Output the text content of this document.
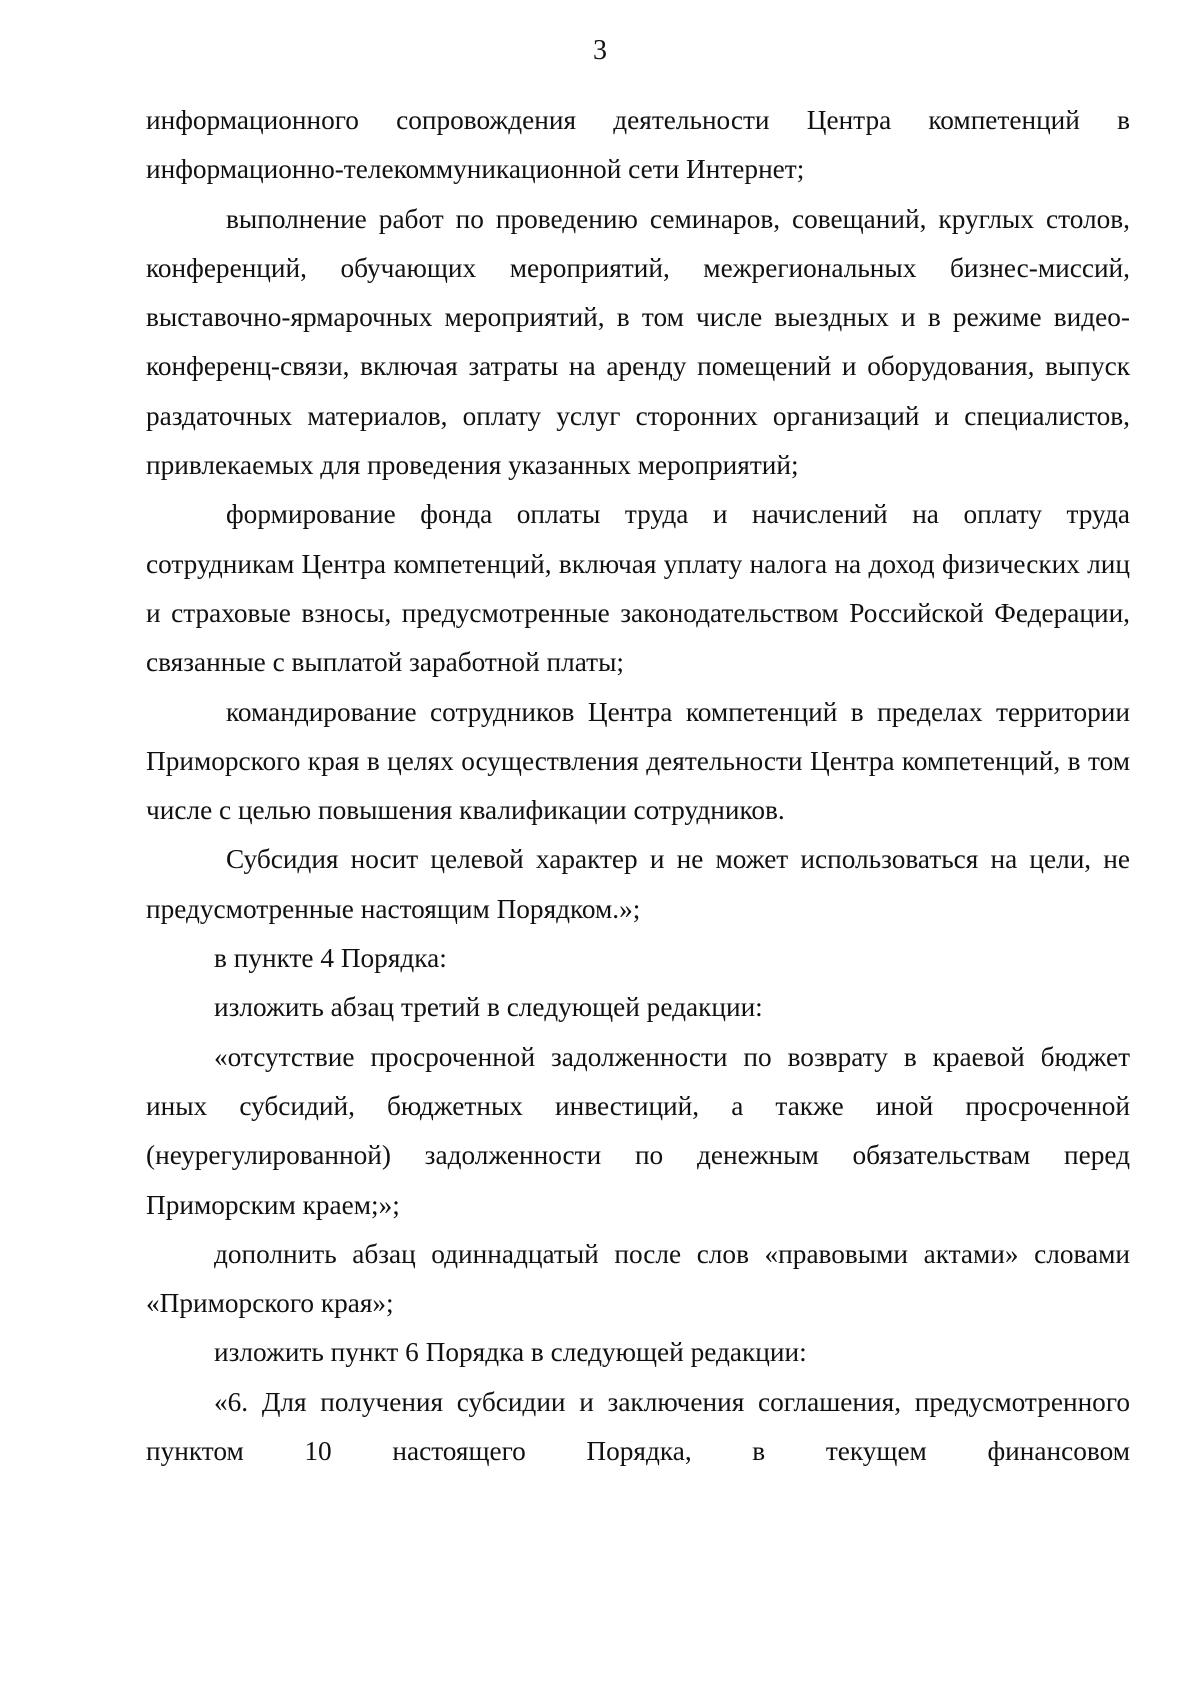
3

информационного сопровождения деятельности Центра компетенций в информационно-телекоммуникационной сети Интернет;

выполнение работ по проведению семинаров, совещаний, круглых столов, конференций, обучающих мероприятий, межрегиональных бизнес-миссий, выставочно-ярмарочных мероприятий, в том числе выездных и в режиме видео-конференц-связи, включая затраты на аренду помещений и оборудования, выпуск раздаточных материалов, оплату услуг сторонних организаций и специалистов, привлекаемых для проведения указанных мероприятий;

формирование фонда оплаты труда и начислений на оплату труда сотрудникам Центра компетенций, включая уплату налога на доход физических лиц и страховые взносы, предусмотренные законодательством Российской Федерации, связанные с выплатой заработной платы;

командирование сотрудников Центра компетенций в пределах территории Приморского края в целях осуществления деятельности Центра компетенций, в том числе с целью повышения квалификации сотрудников.

Субсидия носит целевой характер и не может использоваться на цели, не предусмотренные настоящим Порядком.»;

в пункте 4 Порядка:

изложить абзац третий в следующей редакции:

«отсутствие просроченной задолженности по возврату в краевой бюджет иных субсидий, бюджетных инвестиций, а также иной просроченной (неурегулированной) задолженности по денежным обязательствам перед Приморским краем;»;

дополнить абзац одиннадцатый после слов «правовыми актами» словами «Приморского края»;

изложить пункт 6 Порядка в следующей редакции:

«6. Для получения субсидии и заключения соглашения, предусмотренного пунктом 10 настоящего Порядка, в текущем финансовом
